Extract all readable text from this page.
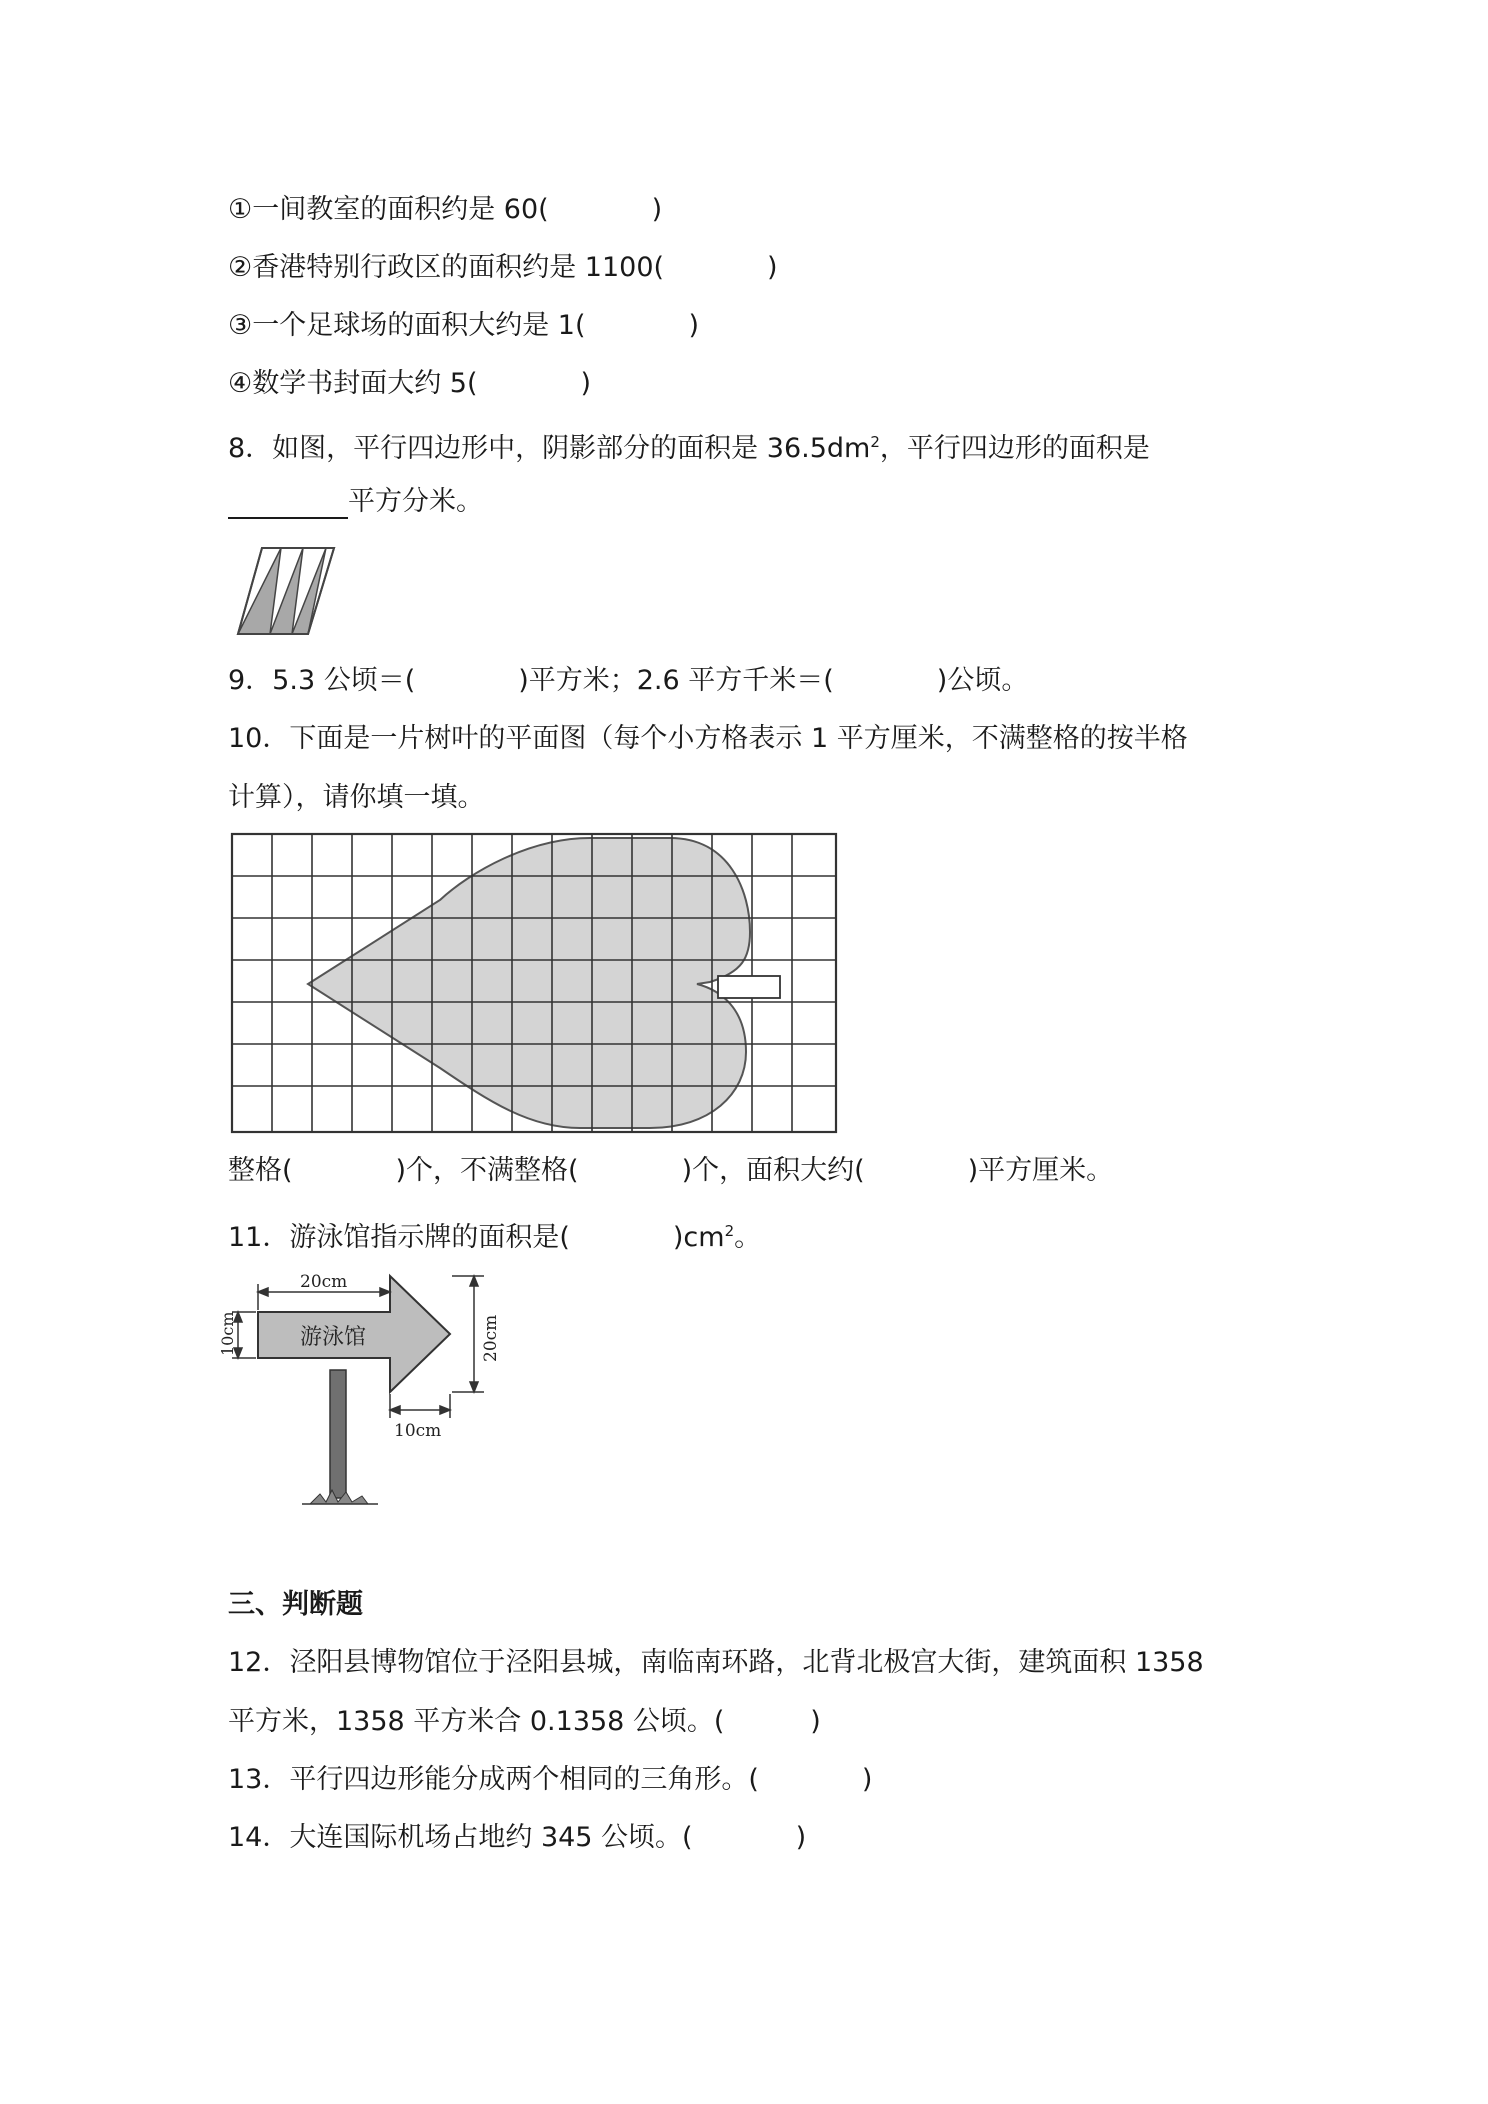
①一间教室的面积约是 60(            )
②香港特别行政区的面积约是 1100(            )
③一个足球场的面积大约是 1(            )
④数学书封面大约 5(            )
8．如图，平行四边形中，阴影部分的面积是 $36.5dm^2$，平行四边形的面积是
平方分米。
9．5.3 公顷＝(            )平方米；2.6 平方千米＝(            )公顷。
10．下面是一片树叶的平面图（每个小方格表示 1 平方厘米，不满整格的按半格
计算），请你填一填。
整格(            )个，不满整格(            )个，面积大约(            )平方厘米。
11．游泳馆指示牌的面积是(            )$cm^2$。
游泳馆
20cm
10cm	20cm
10cm
三、判断题
12．泾阳县博物馆位于泾阳县城，南临南环路，北背北极宫大街，建筑面积 1358
平方米，1358 平方米合 0.1358 公顷。(          )
13．平行四边形能分成两个相同的三角形。(            )
14．大连国际机场占地约 345 公顷。(            )
